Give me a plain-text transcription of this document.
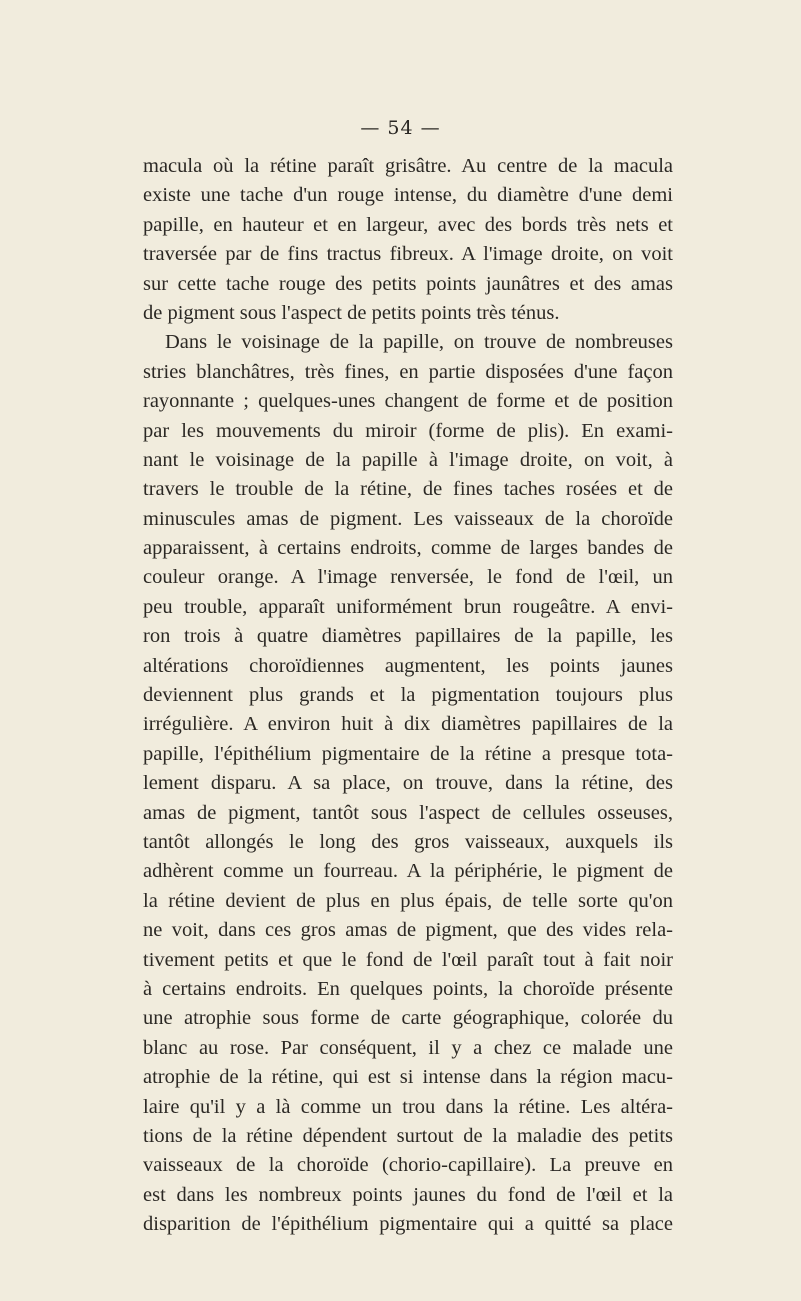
— 54 —
macula où la rétine paraît grisâtre. Au centre de la macula
existe une tache d'un rouge intense, du diamètre d'une demi
papille, en hauteur et en largeur, avec des bords très nets et
traversée par de fins tractus fibreux. A l'image droite, on voit
sur cette tache rouge des petits points jaunâtres et des amas
de pigment sous l'aspect de petits points très ténus.
Dans le voisinage de la papille, on trouve de nombreuses
stries blanchâtres, très fines, en partie disposées d'une façon
rayonnante ; quelques-unes changent de forme et de position
par les mouvements du miroir (forme de plis). En exami-
nant le voisinage de la papille à l'image droite, on voit, à
travers le trouble de la rétine, de fines taches rosées et de
minuscules amas de pigment. Les vaisseaux de la choroïde
apparaissent, à certains endroits, comme de larges bandes de
couleur orange. A l'image renversée, le fond de l'œil, un
peu trouble, apparaît uniformément brun rougeâtre. A envi-
ron trois à quatre diamètres papillaires de la papille, les
altérations choroïdiennes augmentent, les points jaunes
deviennent plus grands et la pigmentation toujours plus
irrégulière. A environ huit à dix diamètres papillaires de la
papille, l'épithélium pigmentaire de la rétine a presque tota-
lement disparu. A sa place, on trouve, dans la rétine, des
amas de pigment, tantôt sous l'aspect de cellules osseuses,
tantôt allongés le long des gros vaisseaux, auxquels ils
adhèrent comme un fourreau. A la périphérie, le pigment de
la rétine devient de plus en plus épais, de telle sorte qu'on
ne voit, dans ces gros amas de pigment, que des vides rela-
tivement petits et que le fond de l'œil paraît tout à fait noir
à certains endroits. En quelques points, la choroïde présente
une atrophie sous forme de carte géographique, colorée du
blanc au rose. Par conséquent, il y a chez ce malade une
atrophie de la rétine, qui est si intense dans la région macu-
laire qu'il y a là comme un trou dans la rétine. Les altéra-
tions de la rétine dépendent surtout de la maladie des petits
vaisseaux de la choroïde (chorio-capillaire). La preuve en
est dans les nombreux points jaunes du fond de l'œil et la
disparition de l'épithélium pigmentaire qui a quitté sa place
